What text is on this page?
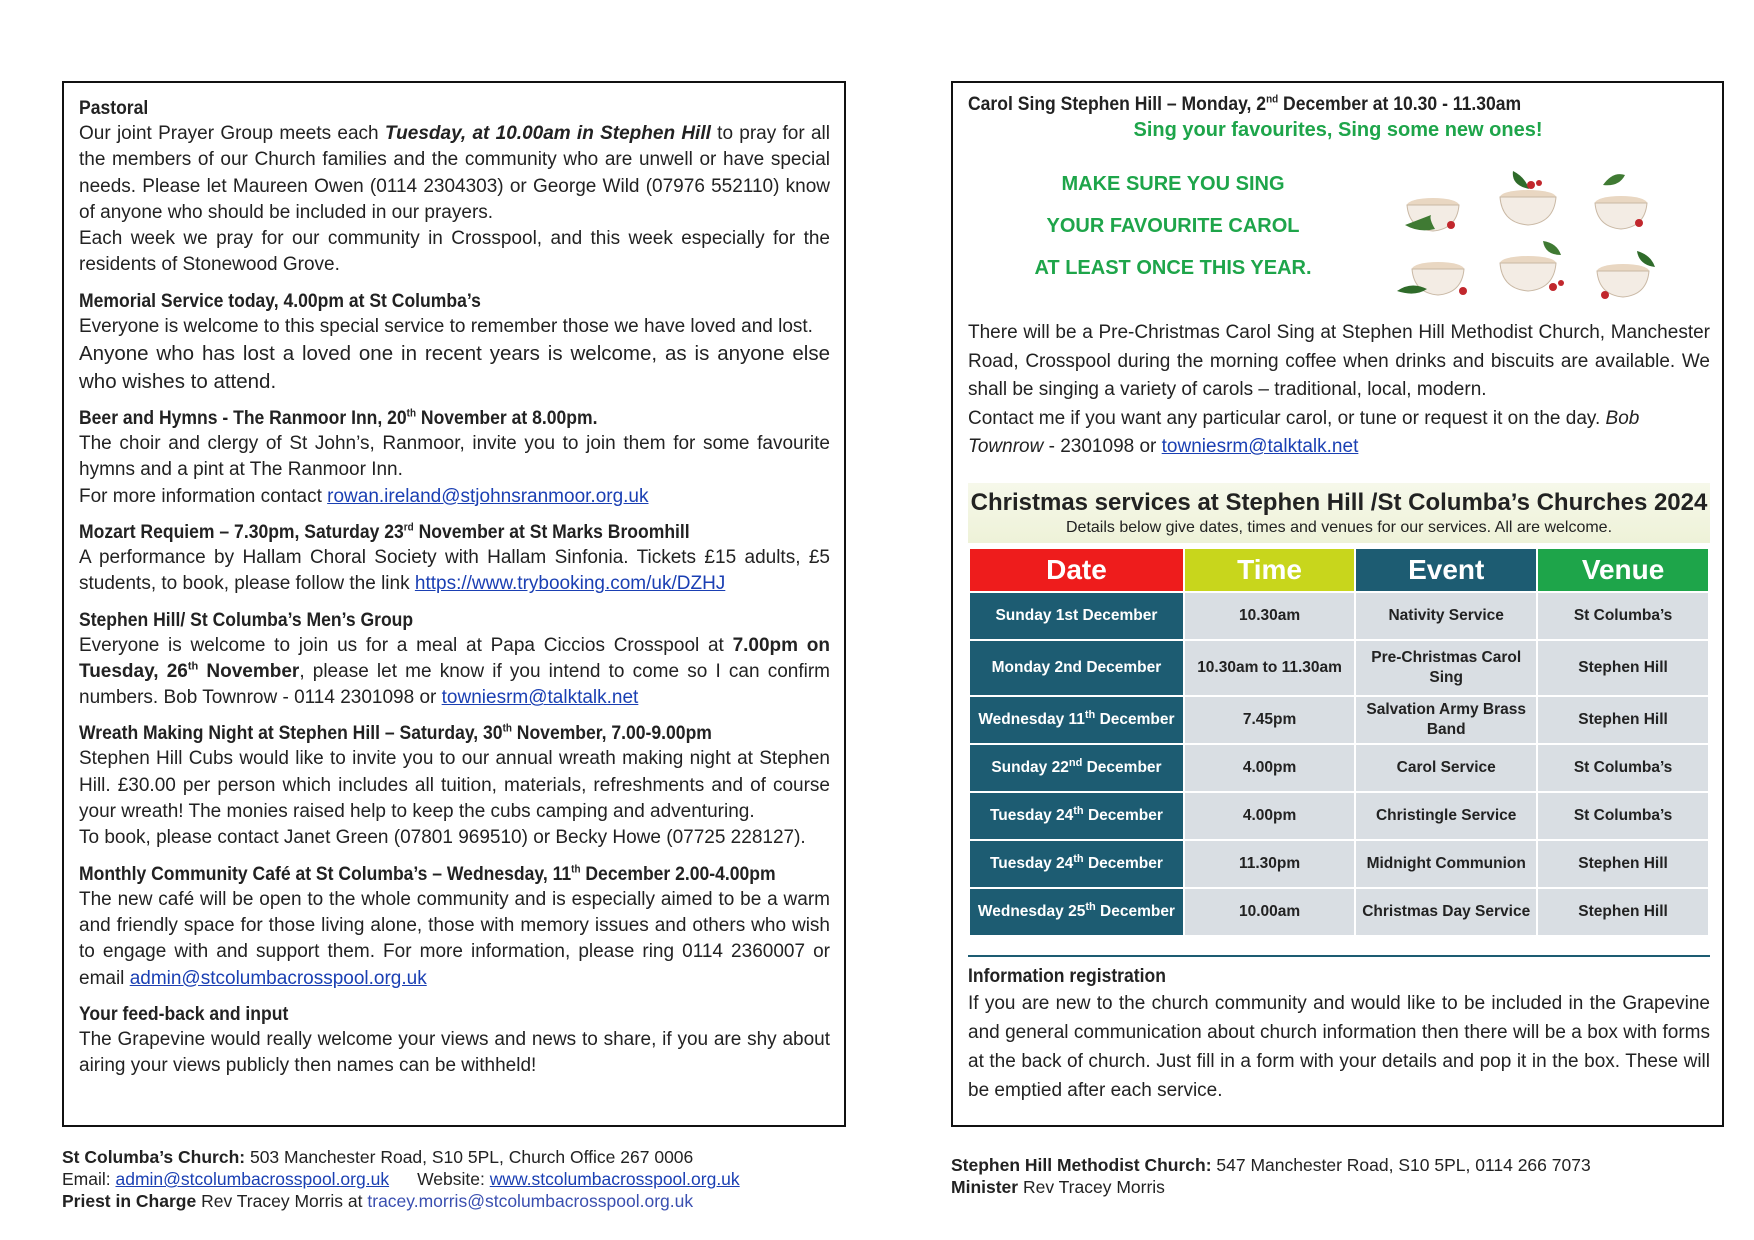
Pastoral
Our joint Prayer Group meets each Tuesday, at 10.00am in Stephen Hill to pray for all the members of our Church families and the community who are unwell or have special needs. Please let Maureen Owen (0114 2304303) or George Wild (07976 552110) know of anyone who should be included in our prayers.
Each week we pray for our community in Crosspool, and this week especially for the residents of Stonewood Grove.
Memorial Service today, 4.00pm at St Columba’s
Everyone is welcome to this special service to remember those we have loved and lost.
Anyone who has lost a loved one in recent years is welcome, as is anyone else who wishes to attend.
Beer and Hymns - The Ranmoor Inn, 20th November at 8.00pm.
The choir and clergy of St John’s, Ranmoor, invite you to join them for some favourite hymns and a pint at The Ranmoor Inn.
For more information contact rowan.ireland@stjohnsranmoor.org.uk
Mozart Requiem – 7.30pm, Saturday 23rd November at St Marks Broomhill
A performance by Hallam Choral Society with Hallam Sinfonia. Tickets £15 adults, £5 students, to book, please follow the link https://www.trybooking.com/uk/DZHJ
Stephen Hill/ St Columba’s Men’s Group
Everyone is welcome to join us for a meal at Papa Ciccios Crosspool at 7.00pm on Tuesday, 26th November, please let me know if you intend to come so I can confirm numbers. Bob Townrow - 0114 2301098 or towniesrm@talktalk.net
Wreath Making Night at Stephen Hill – Saturday, 30th November, 7.00-9.00pm
Stephen Hill Cubs would like to invite you to our annual wreath making night at Stephen Hill. £30.00 per person which includes all tuition, materials, refreshments and of course your wreath! The monies raised help to keep the cubs camping and adventuring.
To book, please contact Janet Green (07801 969510) or Becky Howe (07725 228127).
Monthly Community Café at St Columba’s – Wednesday, 11th December 2.00-4.00pm
The new café will be open to the whole community and is especially aimed to be a warm and friendly space for those living alone, those with memory issues and others who wish to engage with and support them. For more information, please ring 0114 2360007 or email admin@stcolumbacrosspool.org.uk
Your feed-back and input
The Grapevine would really welcome your views and news to share, if you are shy about airing your views publicly then names can be withheld!
Carol Sing Stephen Hill – Monday, 2nd December at 10.30 - 11.30am
Sing your favourites, Sing some new ones!
MAKE SURE YOU SING
YOUR FAVOURITE CAROL
AT LEAST ONCE THIS YEAR.
There will be a Pre-Christmas Carol Sing at Stephen Hill Methodist Church, Manchester Road, Crosspool during the morning coffee when drinks and biscuits are available. We shall be singing a variety of carols – traditional, local, modern.
Contact me if you want any particular carol, or tune or request it on the day. Bob Townrow - 2301098 or towniesrm@talktalk.net
Christmas services at Stephen Hill /St Columba’s Churches 2024
Details below give dates, times and venues for our services. All are welcome.
Date	Time	Event	Venue
Sunday 1st December	10.30am	Nativity Service	St Columba’s
Monday 2nd December	10.30am to 11.30am	Pre-Christmas Carol Sing	Stephen Hill
Wednesday 11th December	7.45pm	Salvation Army Brass Band	Stephen Hill
Sunday 22nd December	4.00pm	Carol Service	St Columba’s
Tuesday 24th December	4.00pm	Christingle Service	St Columba’s
Tuesday 24th December	11.30pm	Midnight Communion	Stephen Hill
Wednesday 25th December	10.00am	Christmas Day Service	Stephen Hill
Information registration
If you are new to the church community and would like to be included in the Grapevine and general communication about church information then there will be a box with forms at the back of church. Just fill in a form with your details and pop it in the box. These will be emptied after each service.
St Columba’s Church: 503 Manchester Road, S10 5PL, Church Office 267 0006
Email: admin@stcolumbacrosspool.org.uk Website: www.stcolumbacrosspool.org.uk
Priest in Charge Rev Tracey Morris at tracey.morris@stcolumbacrosspool.org.uk
Stephen Hill Methodist Church: 547 Manchester Road, S10 5PL, 0114 266 7073
Minister Rev Tracey Morris
